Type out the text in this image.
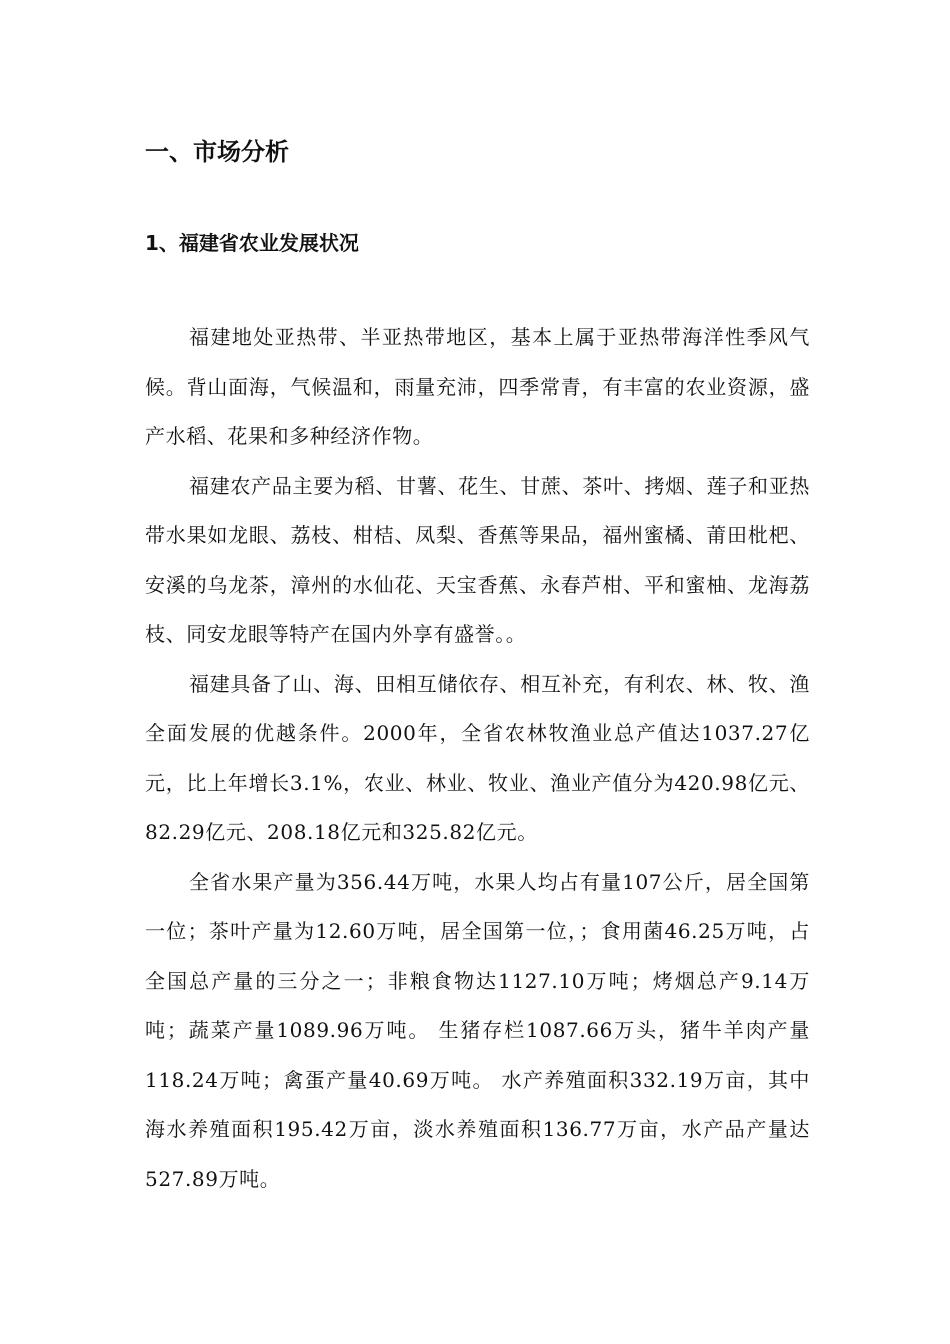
一、市场分析
1、福建省农业发展状况

福建地处亚热带、半亚热带地区，基本上属于亚热带海洋性季风气候。背山面海，气候温和，雨量充沛，四季常青，有丰富的农业资源，盛产水稻、花果和多种经济作物。

福建农产品主要为稻、甘薯、花生、甘蔗、茶叶、拷烟、莲子和亚热带水果如龙眼、荔枝、柑桔、凤梨、香蕉等果品，福州蜜橘、莆田枇杷、安溪的乌龙茶，漳州的水仙花、天宝香蕉、永春芦柑、平和蜜柚、龙海荔枝、同安龙眼等特产在国内外享有盛誉。。

福建具备了山、海、田相互储依存、相互补充，有利农、林、牧、渔全面发展的优越条件。2000年，全省农林牧渔业总产值达1037.27亿元，比上年增长3.1%，农业、林业、牧业、渔业产值分为420.98亿元、82.29亿元、208.18亿元和325.82亿元。

全省水果产量为356.44万吨，水果人均占有量107公斤，居全国第一位；茶叶产量为12.60万吨，居全国第一位，；食用菌46.25万吨，占全国总产量的三分之一；非粮食物达1127.10万吨；烤烟总产9.14万吨；蔬菜产量1089.96万吨。 生猪存栏1087.66万头，猪牛羊肉产量118.24万吨；禽蛋产量40.69万吨。 水产养殖面积332.19万亩，其中海水养殖面积195.42万亩，淡水养殖面积136.77万亩，水产品产量达527.89万吨。
